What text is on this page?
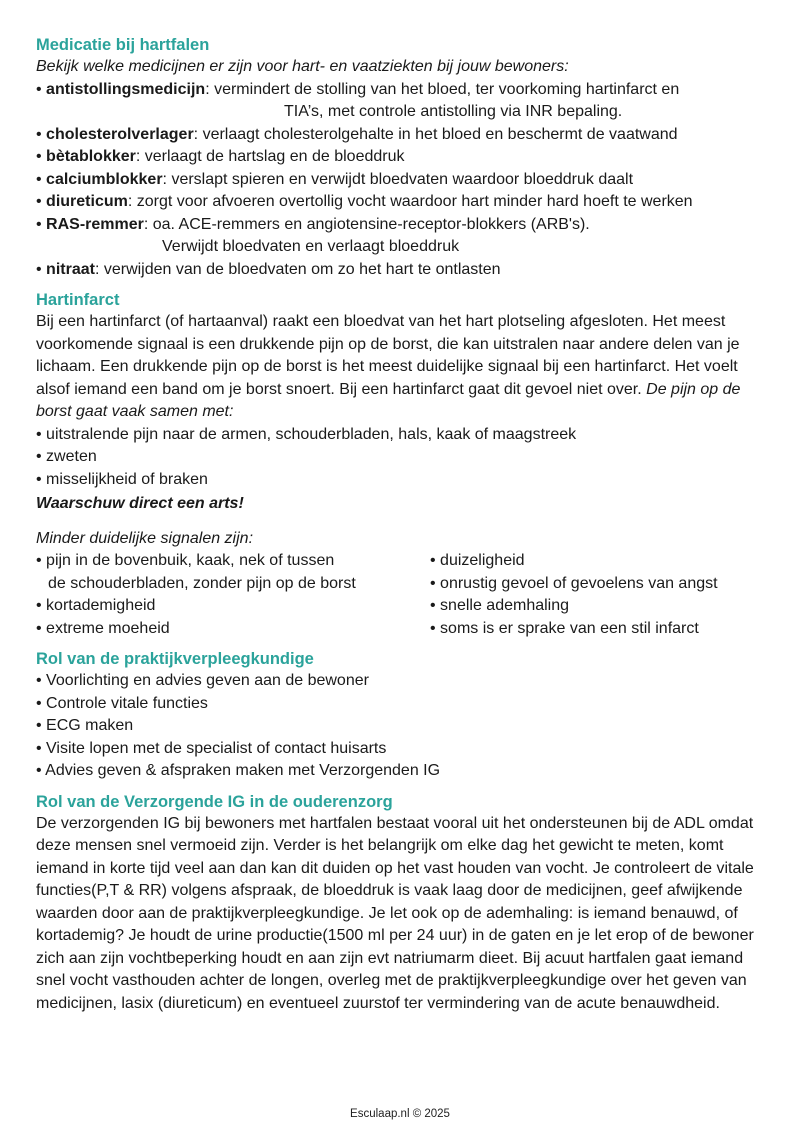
Medicatie bij hartfalen
Bekijk welke medicijnen er zijn voor hart- en vaatziekten bij jouw bewoners:
• antistollingsmedicijn: vermindert de stolling van het bloed, ter voorkoming hartinfarct en
TIA’s, met controle antistolling via INR bepaling.
• cholesterolverlager: verlaagt cholesterolgehalte in het bloed en beschermt de vaatwand
• bètablokker: verlaagt de hartslag en de bloeddruk
• calciumblokker: verslapt spieren en verwijdt bloedvaten waardoor bloeddruk daalt
• diureticum: zorgt voor afvoeren overtollig vocht waardoor hart minder hard hoeft te werken
• RAS-remmer: oa. ACE-remmers en angiotensine-receptor-blokkers (ARB's).
Verwijdt bloedvaten en verlaagt bloeddruk
• nitraat: verwijden van de bloedvaten om zo het hart te ontlasten
Hartinfarct

Bij een hartinfarct (of hartaanval) raakt een bloedvat van het hart plotseling afgesloten. Het meest voorkomende signaal is een drukkende pijn op de borst, die kan uitstralen naar andere delen van je lichaam. Een drukkende pijn op de borst is het meest duidelijke signaal bij een hartinfarct. Het voelt alsof iemand een band om je borst snoert. Bij een hartinfarct gaat dit gevoel niet over. De pijn op de borst gaat vaak samen met:

• uitstralende pijn naar de armen, schouderbladen, hals, kaak of maagstreek
• zweten
• misselijkheid of braken
Waarschuw direct een arts!
Minder duidelijke signalen zijn:
• pijn in de bovenbuik, kaak, nek of tussen
de schouderbladen, zonder pijn op de borst
• kortademigheid
• extreme moeheid
• duizeligheid
• onrustig gevoel of gevoelens van angst
• snelle ademhaling
• soms is er sprake van een stil infarct
Rol van de praktijkverpleegkundige
• Voorlichting en advies geven aan de bewoner
• Controle vitale functies
• ECG maken
• Visite lopen met de specialist of contact huisarts
• Advies geven & afspraken maken met Verzorgenden IG
Rol van de Verzorgende IG in de ouderenzorg

De verzorgenden IG bij bewoners met hartfalen bestaat vooral uit het ondersteunen bij de ADL omdat deze mensen snel vermoeid zijn. Verder is het belangrijk om elke dag het gewicht te meten, komt iemand in korte tijd veel aan dan kan dit duiden op het vast houden van vocht. Je controleert de vitale functies(P,T & RR) volgens afspraak, de bloeddruk is vaak laag door de medicijnen, geef afwijkende waarden door aan de praktijkverpleegkundige. Je let ook op de ademhaling: is iemand benauwd, of kortademig? Je houdt de urine productie(1500 ml per 24 uur) in de gaten en je let erop of de bewoner zich aan zijn vochtbeperking houdt en aan zijn evt natriumarm dieet. Bij acuut hartfalen gaat iemand snel vocht vasthouden achter de longen, overleg met de praktijkverpleegkundige over het geven van medicijnen, lasix (diureticum) en eventueel zuurstof ter vermindering van de acute benauwdheid.

Esculaap.nl © 2025
